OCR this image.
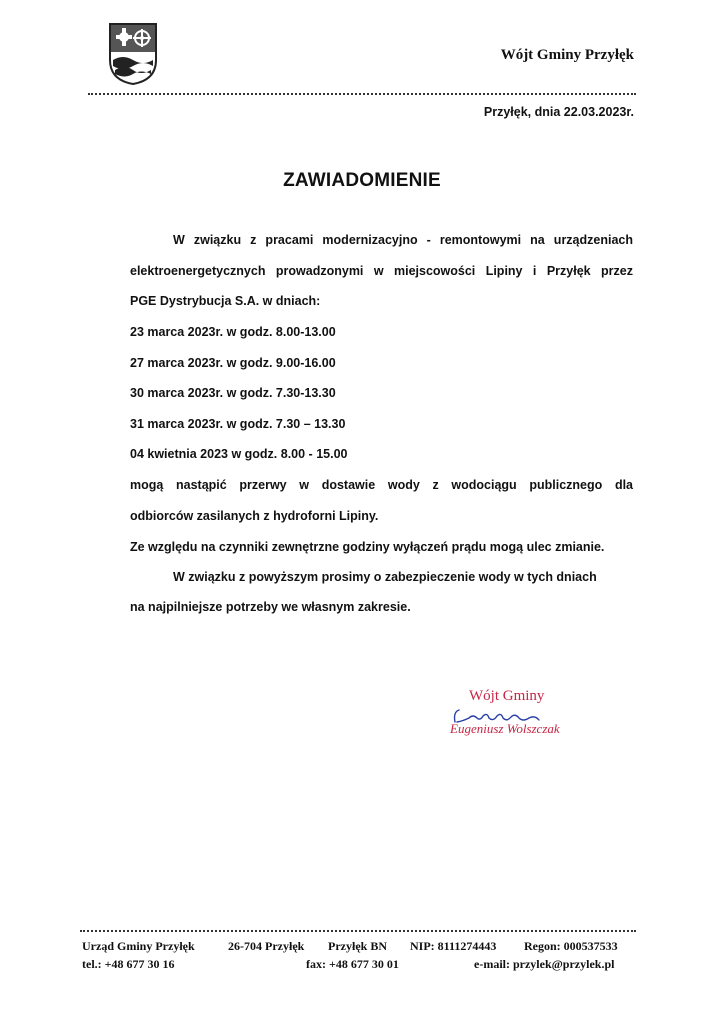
Wójt Gminy Przyłęk
Przyłęk, dnia 22.03.2023r.
ZAWIADOMIENIE
W związku z pracami modernizacyjno - remontowymi na urządzeniach
elektroenergetycznych prowadzonymi w miejscowości Lipiny i Przyłęk przez
PGE Dystrybucja S.A. w dniach:
23 marca 2023r. w godz. 8.00-13.00
27 marca 2023r. w godz. 9.00-16.00
30 marca 2023r. w godz. 7.30-13.30
31 marca 2023r. w godz. 7.30 – 13.30
04 kwietnia 2023 w godz. 8.00 - 15.00
mogą nastąpić przerwy w dostawie wody z wodociągu publicznego dla
odbiorców zasilanych z hydroforni Lipiny.
Ze względu na czynniki zewnętrzne godziny wyłączeń prądu mogą ulec zmianie.
W związku z powyższym prosimy o zabezpieczenie wody w tych dniach
na najpilniejsze potrzeby we własnym zakresie.
Wójt Gminy
Eugeniusz Wolszczak
Urząd Gminy Przyłęk	26-704 Przyłęk Przyłęk BN NIP: 8111274443 Regon: 000537533
tel.: +48 677 30 16	fax: +48 677 30 01	e-mail: przylek@przylek.pl
